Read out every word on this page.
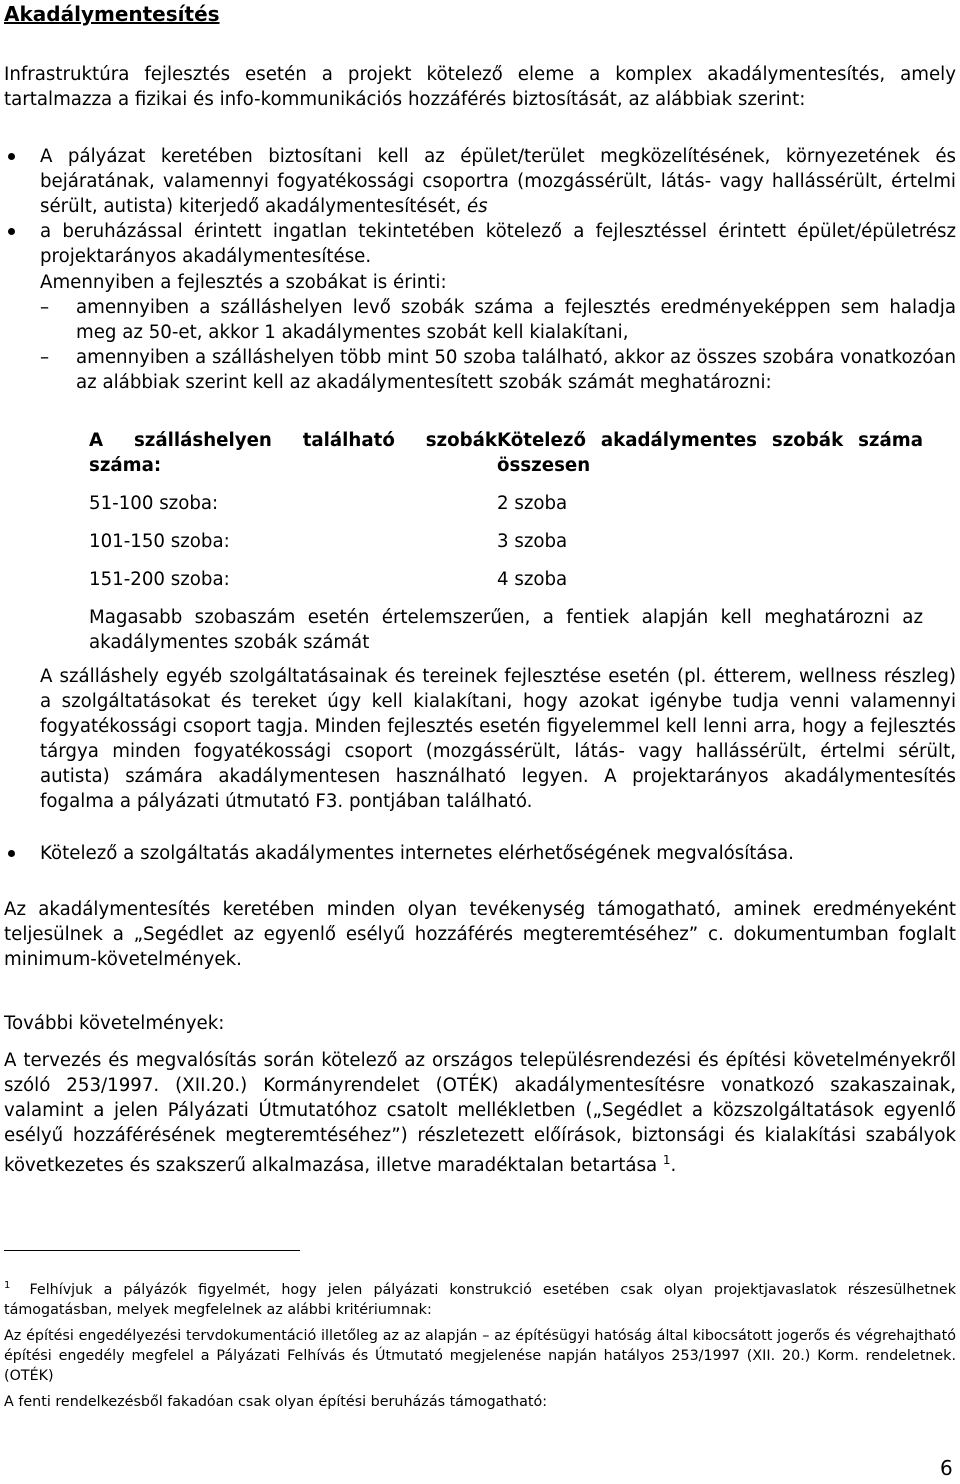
Akadálymentesítés

Infrastruktúra fejlesztés esetén a projekt kötelező eleme a komplex akadálymentesítés, amely tartalmazza a fizikai és info-kommunikációs hozzáférés biztosítását, az alábbiak szerint:

A pályázat keretében biztosítani kell az épület/terület megközelítésének, környezetének és bejáratának, valamennyi fogyatékossági csoportra (mozgássérült, látás- vagy hallássérült, értelmi sérült, autista) kiterjedő akadálymentesítését, és
a beruházással érintett ingatlan tekintetében kötelező a fejlesztéssel érintett épület/épületrész projektarányos akadálymentesítése.

Amennyiben a fejlesztés a szobákat is érinti:

– amennyiben a szálláshelyen levő szobák száma a fejlesztés eredményeképpen sem haladja meg az 50-et, akkor 1 akadálymentes szobát kell kialakítani,
– amennyiben a szálláshelyen több mint 50 szoba található, akkor az összes szobára vonatkozóan az alábbiak szerint kell az akadálymentesített szobák számát meghatározni:
A szálláshelyen található szobák száma:	Kötelező akadálymentes szobák száma összesen
51-100 szoba:	2 szoba
101-150 szoba:	3 szoba
151-200 szoba:	4 szoba
Magasabb szobaszám esetén értelemszerűen, a fentiek alapján kell meghatározni az akadálymentes szobák számát	

A szálláshely egyéb szolgáltatásainak és tereinek fejlesztése esetén (pl. étterem, wellness részleg) a szolgáltatásokat és tereket úgy kell kialakítani, hogy azokat igénybe tudja venni valamennyi fogyatékossági csoport tagja. Minden fejlesztés esetén figyelemmel kell lenni arra, hogy a fejlesztés tárgya minden fogyatékossági csoport (mozgássérült, látás- vagy hallássérült, értelmi sérült, autista) számára akadálymentesen használható legyen. A projektarányos akadálymentesítés fogalma a pályázati útmutató F3. pontjában található.

Kötelező a szolgáltatás akadálymentes internetes elérhetőségének megvalósítása.

Az akadálymentesítés keretében minden olyan tevékenység támogatható, aminek eredményeként teljesülnek a „Segédlet az egyenlő esélyű hozzáférés megteremtéséhez” c. dokumentumban foglalt minimum-követelmények.

További követelmények:

A tervezés és megvalósítás során kötelező az országos településrendezési és építési követelményekről szóló 253/1997. (XII.20.) Kormányrendelet (OTÉK) akadálymentesítésre vonatkozó szakaszainak, valamint a jelen Pályázati Útmutatóhoz csatolt mellékletben („Segédlet a közszolgáltatások egyenlő esélyű hozzáférésének megteremtéséhez”) részletezett előírások, biztonsági és kialakítási szabályok következetes és szakszerű alkalmazása, illetve maradéktalan betartása $^1$.

$^1$ Felhívjuk a pályázók figyelmét, hogy jelen pályázati konstrukció esetében csak olyan projektjavaslatok részesülhetnek támogatásban, melyek megfelelnek az alábbi kritériumnak:

Az építési engedélyezési tervdokumentáció illetőleg az az alapján – az építésügyi hatóság által kibocsátott jogerős és végrehajtható építési engedély megfelel a Pályázati Felhívás és Útmutató megjelenése napján hatályos 253/1997 (XII. 20.) Korm. rendeletnek. (OTÉK)

A fenti rendelkezésből fakadóan csak olyan építési beruházás támogatható:

6
